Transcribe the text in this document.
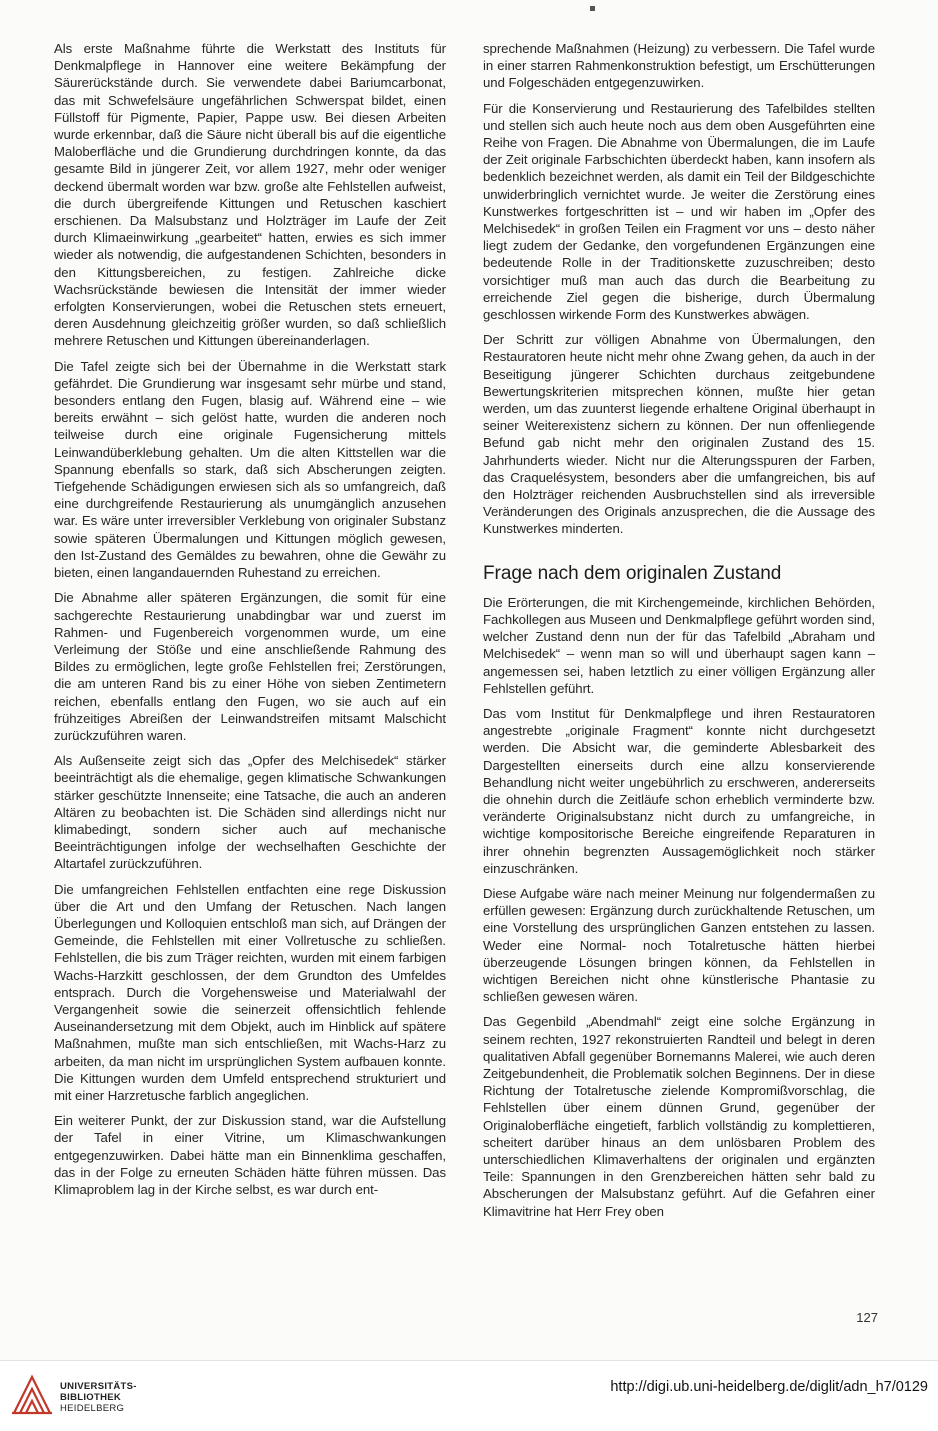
Als erste Maßnahme führte die Werkstatt des Instituts für Denkmalpflege in Hannover eine weitere Bekämpfung der Säurerückstände durch. Sie verwendete dabei Bariumcarbonat, das mit Schwefelsäure ungefährlichen Schwerspat bildet, einen Füllstoff für Pigmente, Papier, Pappe usw. Bei diesen Arbeiten wurde erkennbar, daß die Säure nicht überall bis auf die eigentliche Maloberfläche und die Grundierung durchdringen konnte, da das gesamte Bild in jüngerer Zeit, vor allem 1927, mehr oder weniger deckend übermalt worden war bzw. große alte Fehlstellen aufweist, die durch übergreifende Kittungen und Retuschen kaschiert erschienen. Da Malsubstanz und Holzträger im Laufe der Zeit durch Klimaeinwirkung „gearbeitet“ hatten, erwies es sich immer wieder als notwendig, die aufgestandenen Schichten, besonders in den Kittungsbereichen, zu festigen. Zahlreiche dicke Wachsrückstände bewiesen die Intensität der immer wieder erfolgten Konservierungen, wobei die Retuschen stets erneuert, deren Ausdehnung gleichzeitig größer wurden, so daß schließlich mehrere Retuschen und Kittungen übereinanderlagen.

Die Tafel zeigte sich bei der Übernahme in die Werkstatt stark gefährdet. Die Grundierung war insgesamt sehr mürbe und stand, besonders entlang den Fugen, blasig auf. Während eine – wie bereits erwähnt – sich gelöst hatte, wurden die anderen noch teilweise durch eine originale Fugensicherung mittels Leinwandüberklebung gehalten. Um die alten Kittstellen war die Spannung ebenfalls so stark, daß sich Abscherungen zeigten. Tiefgehende Schädigungen erwiesen sich als so umfangreich, daß eine durchgreifende Restaurierung als unumgänglich anzusehen war. Es wäre unter irreversibler Verklebung von originaler Substanz sowie späteren Übermalungen und Kittungen möglich gewesen, den Ist-Zustand des Gemäldes zu bewahren, ohne die Gewähr zu bieten, einen langandauernden Ruhestand zu erreichen.

Die Abnahme aller späteren Ergänzungen, die somit für eine sachgerechte Restaurierung unabdingbar war und zuerst im Rahmen- und Fugenbereich vorgenommen wurde, um eine Verleimung der Stöße und eine anschließende Rahmung des Bildes zu ermöglichen, legte große Fehlstellen frei; Zerstörungen, die am unteren Rand bis zu einer Höhe von sieben Zentimetern reichen, ebenfalls entlang den Fugen, wo sie auch auf ein frühzeitiges Abreißen der Leinwandstreifen mitsamt Malschicht zurückzuführen waren.

Als Außenseite zeigt sich das „Opfer des Melchisedek“ stärker beeinträchtigt als die ehemalige, gegen klimatische Schwankungen stärker geschützte Innenseite; eine Tatsache, die auch an anderen Altären zu beobachten ist. Die Schäden sind allerdings nicht nur klimabedingt, sondern sicher auch auf mechanische Beeinträchtigungen infolge der wechselhaften Geschichte der Altartafel zurückzuführen.

Die umfangreichen Fehlstellen entfachten eine rege Diskussion über die Art und den Umfang der Retuschen. Nach langen Überlegungen und Kolloquien entschloß man sich, auf Drängen der Gemeinde, die Fehlstellen mit einer Vollretusche zu schließen. Fehlstellen, die bis zum Träger reichten, wurden mit einem farbigen Wachs-Harzkitt geschlossen, der dem Grundton des Umfeldes entsprach. Durch die Vorgehensweise und Materialwahl der Vergangenheit sowie die seinerzeit offensichtlich fehlende Auseinandersetzung mit dem Objekt, auch im Hinblick auf spätere Maßnahmen, mußte man sich entschließen, mit Wachs-Harz zu arbeiten, da man nicht im ursprünglichen System aufbauen konnte. Die Kittungen wurden dem Umfeld entsprechend strukturiert und mit einer Harzretusche farblich angeglichen.

Ein weiterer Punkt, der zur Diskussion stand, war die Aufstellung der Tafel in einer Vitrine, um Klimaschwankungen entgegenzuwirken. Dabei hätte man ein Binnenklima geschaffen, das in der Folge zu erneuten Schäden hätte führen müssen. Das Klimaproblem lag in der Kirche selbst, es war durch ent-

sprechende Maßnahmen (Heizung) zu verbessern. Die Tafel wurde in einer starren Rahmenkonstruktion befestigt, um Erschütterungen und Folgeschäden entgegenzuwirken.

Für die Konservierung und Restaurierung des Tafelbildes stellten und stellen sich auch heute noch aus dem oben Ausgeführten eine Reihe von Fragen. Die Abnahme von Übermalungen, die im Laufe der Zeit originale Farbschichten überdeckt haben, kann insofern als bedenklich bezeichnet werden, als damit ein Teil der Bildgeschichte unwiderbringlich vernichtet wurde. Je weiter die Zerstörung eines Kunstwerkes fortgeschritten ist – und wir haben im „Opfer des Melchisedek“ in großen Teilen ein Fragment vor uns – desto näher liegt zudem der Gedanke, den vorgefundenen Ergänzungen eine bedeutende Rolle in der Traditionskette zuzuschreiben; desto vorsichtiger muß man auch das durch die Bearbeitung zu erreichende Ziel gegen die bisherige, durch Übermalung geschlossen wirkende Form des Kunstwerkes abwägen.

Der Schritt zur völligen Abnahme von Übermalungen, den Restauratoren heute nicht mehr ohne Zwang gehen, da auch in der Beseitigung jüngerer Schichten durchaus zeitgebundene Bewertungskriterien mitsprechen können, mußte hier getan werden, um das zuunterst liegende erhaltene Original überhaupt in seiner Weiterexistenz sichern zu können. Der nun offenliegende Befund gab nicht mehr den originalen Zustand des 15. Jahrhunderts wieder. Nicht nur die Alterungsspuren der Farben, das Craquelésystem, besonders aber die umfangreichen, bis auf den Holzträger reichenden Ausbruchstellen sind als irreversible Veränderungen des Originals anzusprechen, die die Aussage des Kunstwerkes minderten.

Frage nach dem originalen Zustand

Die Erörterungen, die mit Kirchengemeinde, kirchlichen Behörden, Fachkollegen aus Museen und Denkmalpflege geführt worden sind, welcher Zustand denn nun der für das Tafelbild „Abraham und Melchisedek“ – wenn man so will und überhaupt sagen kann – angemessen sei, haben letztlich zu einer völligen Ergänzung aller Fehlstellen geführt.

Das vom Institut für Denkmalpflege und ihren Restauratoren angestrebte „originale Fragment“ konnte nicht durchgesetzt werden. Die Absicht war, die geminderte Ablesbarkeit des Dargestellten einerseits durch eine allzu konservierende Behandlung nicht weiter ungebührlich zu erschweren, andererseits die ohnehin durch die Zeitläufe schon erheblich verminderte bzw. veränderte Originalsubstanz nicht durch zu umfangreiche, in wichtige kompositorische Bereiche eingreifende Reparaturen in ihrer ohnehin begrenzten Aussagemöglichkeit noch stärker einzuschränken.

Diese Aufgabe wäre nach meiner Meinung nur folgendermaßen zu erfüllen gewesen: Ergänzung durch zurückhaltende Retuschen, um eine Vorstellung des ursprünglichen Ganzen entstehen zu lassen. Weder eine Normal- noch Totalretusche hätten hierbei überzeugende Lösungen bringen können, da Fehlstellen in wichtigen Bereichen nicht ohne künstlerische Phantasie zu schließen gewesen wären.

Das Gegenbild „Abendmahl“ zeigt eine solche Ergänzung in seinem rechten, 1927 rekonstruierten Randteil und belegt in deren qualitativen Abfall gegenüber Bornemanns Malerei, wie auch deren Zeitgebundenheit, die Problematik solchen Beginnens. Der in diese Richtung der Totalretusche zielende Kompromißvorschlag, die Fehlstellen über einem dünnen Grund, gegenüber der Originaloberfläche eingetieft, farblich vollständig zu komplettieren, scheitert darüber hinaus an dem unlösbaren Problem des unterschiedlichen Klimaverhaltens der originalen und ergänzten Teile: Spannungen in den Grenzbereichen hätten sehr bald zu Abscherungen der Malsubstanz geführt. Auf die Gefahren einer Klimavitrine hat Herr Frey oben

127
UNIVERSITÄTS-
BIBLIOTHEK
HEIDELBERG
http://digi.ub.uni-heidelberg.de/diglit/adn_h7/0129
